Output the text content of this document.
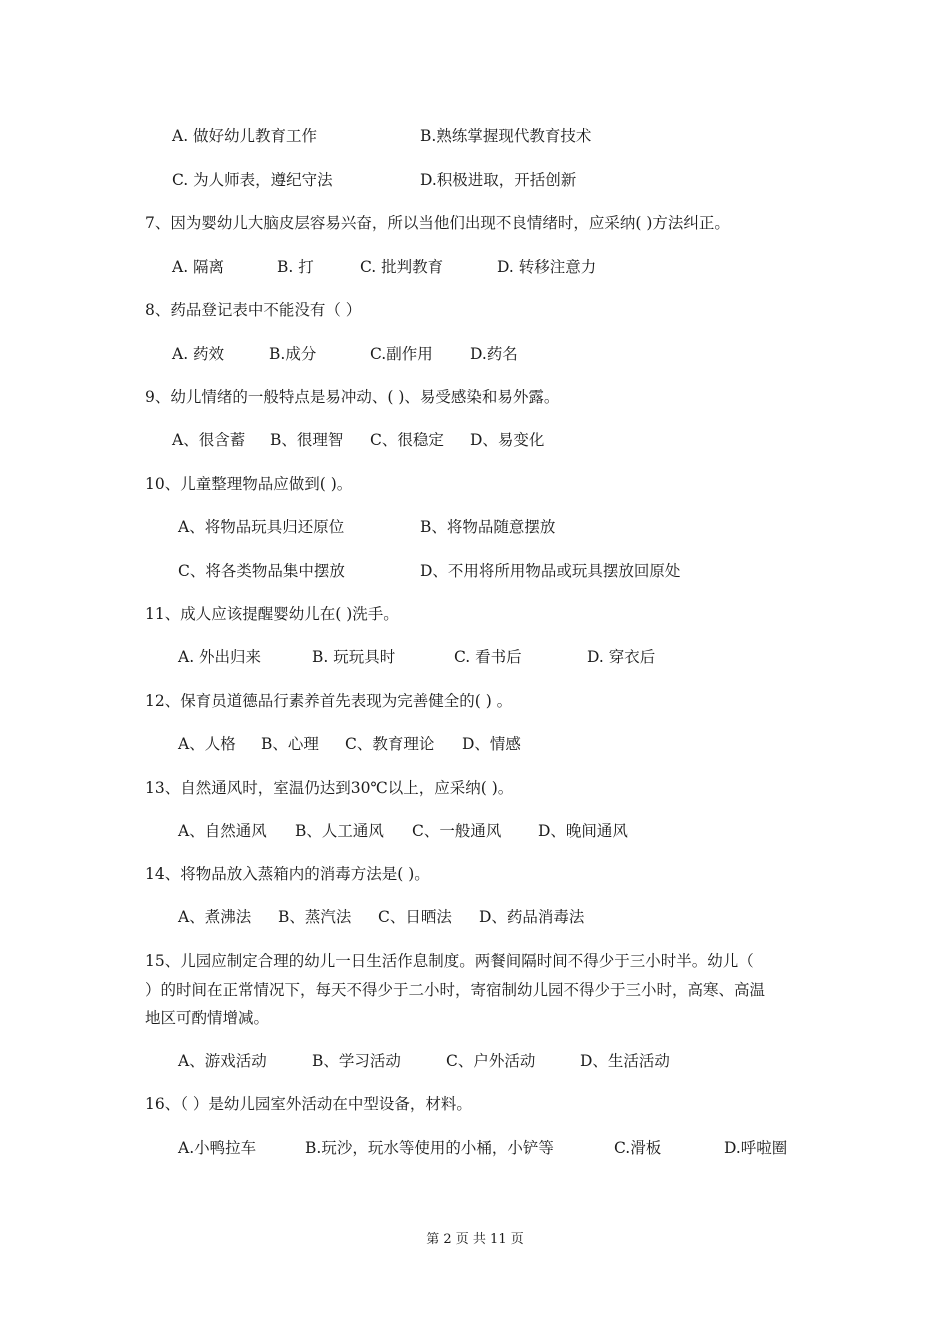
A. 做好幼儿教育工作	B.熟练掌握现代教育技术
C. 为人师表，遵纪守法	D.积极进取，开括创新
7、因为婴幼儿大脑皮层容易兴奋，所以当他们出现不良情绪时，应采纳( )方法纠正。
A. 隔离	B. 打	C. 批判教育	D. 转移注意力
8、药品登记表中不能没有（ ）
A. 药效	B.成分	C.副作用 D.药名
9、幼儿情绪的一般特点是易冲动、( )、易受感染和易外露。
A、很含蓄 B、很理智 C、很稳定 D、易变化
10、儿童整理物品应做到( )。
A、将物品玩具归还原位	B、将物品随意摆放
C、将各类物品集中摆放	D、不用将所用物品或玩具摆放回原处
11、成人应该提醒婴幼儿在( )洗手。
A. 外出归来	B. 玩玩具时	C. 看书后	D. 穿衣后
12、保育员道德品行素养首先表现为完善健全的( ) 。
A、人格 B、心理 C、教育理论 D、情感
13、自然通风时，室温仍达到30℃以上，应采纳( )。
A、自然通风 B、人工通风 C、一般通风 D、晚间通风
14、将物品放入蒸箱内的消毒方法是( )。
A、煮沸法 B、蒸汽法 C、日晒法 D、药品消毒法
15、儿园应制定合理的幼儿一日生活作息制度。两餐间隔时间不得少于三小时半。幼儿（
）的时间在正常情况下，每天不得少于二小时，寄宿制幼儿园不得少于三小时，高寒、高温
地区可酌情增减。
A、游戏活动	B、学习活动	C、户外活动	D、生活活动
16、（ ）是幼儿园室外活动在中型设备，材料。
A.小鸭拉车	B.玩沙，玩水等使用的小桶，小铲等	C.滑板	D.呼啦圈
第 2 页 共 11 页
